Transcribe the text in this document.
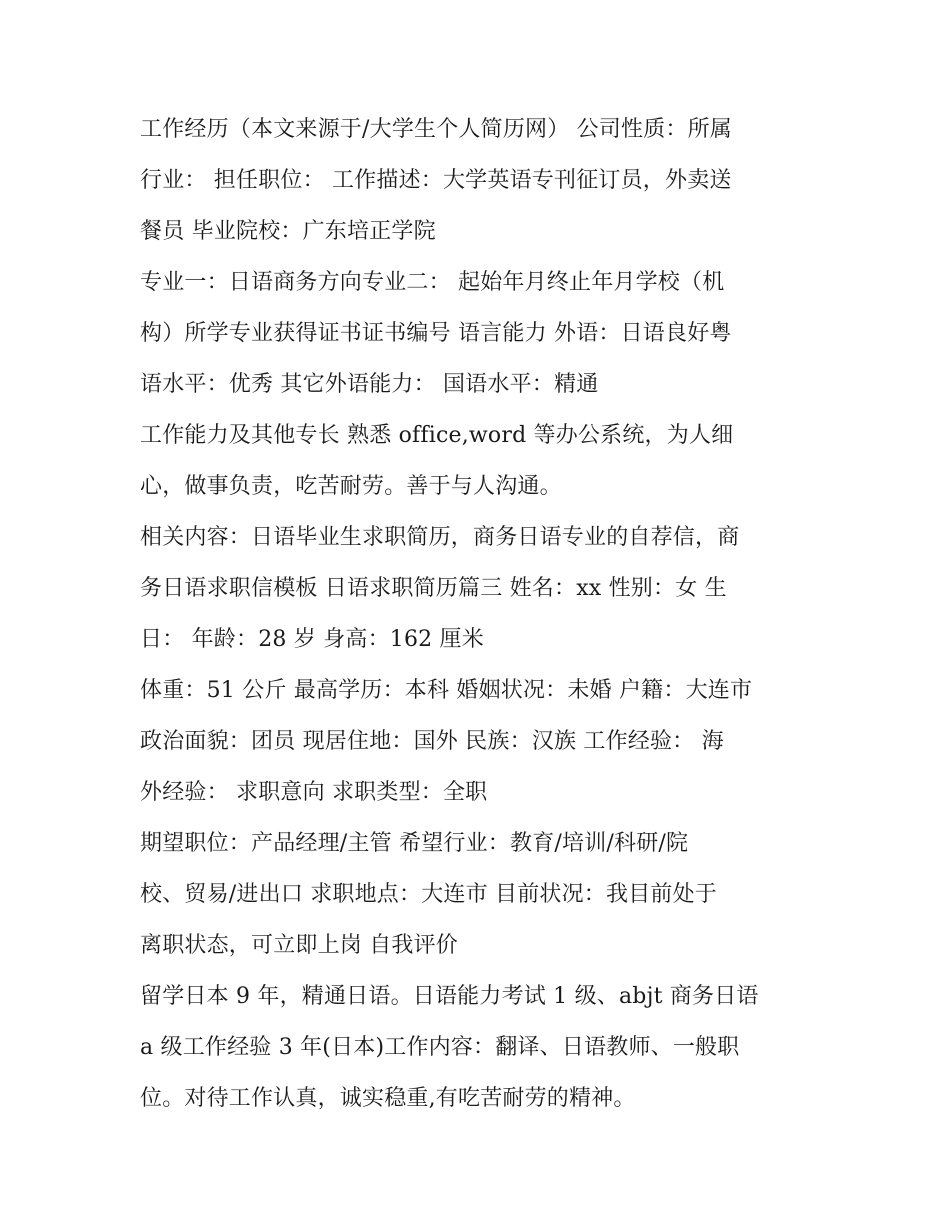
工作经历（本文来源于/大学生个人简历网） 公司性质：所属
行业： 担任职位： 工作描述：大学英语专刊征订员，外卖送
餐员 毕业院校：广东培正学院
专业一：日语商务方向专业二： 起始年月终止年月学校（机
构）所学专业获得证书证书编号 语言能力 外语：日语良好粤
语水平：优秀 其它外语能力： 国语水平：精通
工作能力及其他专长 熟悉 office,word 等办公系统，为人细
心，做事负责，吃苦耐劳。善于与人沟通。
相关内容：日语毕业生求职简历，商务日语专业的自荐信，商
务日语求职信模板 日语求职简历篇三 姓名：xx 性别：女 生
日： 年龄：28 岁 身高：162 厘米
体重：51 公斤 最高学历：本科 婚姻状况：未婚 户籍：大连市
政治面貌：团员 现居住地：国外 民族：汉族 工作经验： 海
外经验： 求职意向 求职类型：全职
期望职位：产品经理/主管 希望行业：教育/培训/科研/院
校、贸易/进出口 求职地点：大连市 目前状况：我目前处于
离职状态，可立即上岗 自我评价
留学日本 9 年，精通日语。日语能力考试 1 级、abjt 商务日语
a 级工作经验 3 年(日本)工作内容：翻译、日语教师、一般职
位。对待工作认真，诚实稳重,有吃苦耐劳的精神。
